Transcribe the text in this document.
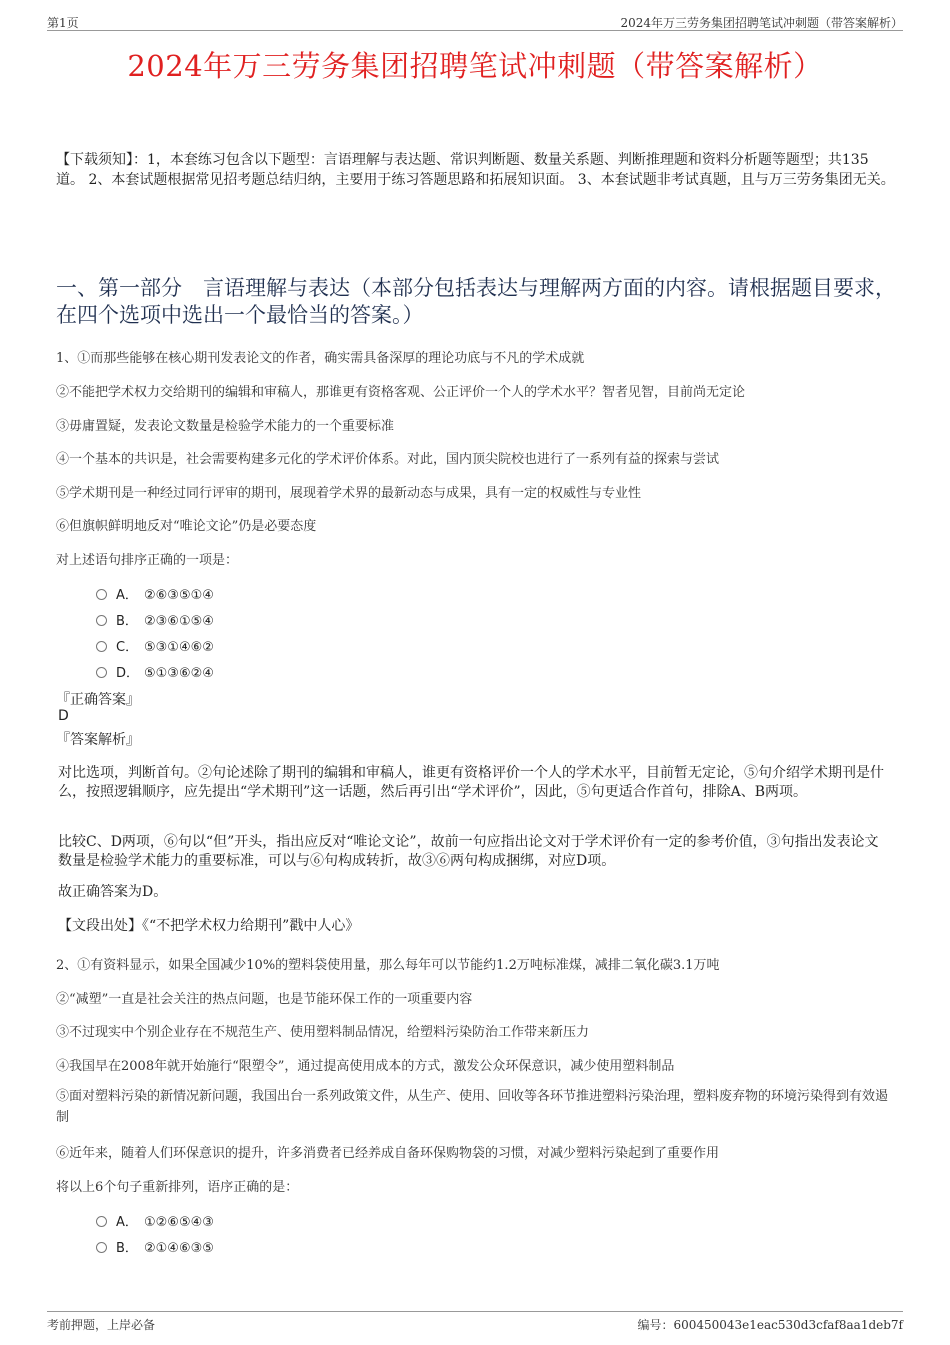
第1页	2024年万三劳务集团招聘笔试冲刺题（带答案解析）
2024年万三劳务集团招聘笔试冲刺题（带答案解析）
【下载须知】：1，本套练习包含以下题型：言语理解与表达题、常识判断题、数量关系题、判断推理题和资料分析题等题型；共135道。 2、本套试题根据常见招考题总结归纳，主要用于练习答题思路和拓展知识面。 3、本套试题非考试真题，且与万三劳务集团无关。
一、第一部分　言语理解与表达（本部分包括表达与理解两方面的内容。请根据题目要求，在四个选项中选出一个最恰当的答案。）
1、①而那些能够在核心期刊发表论文的作者，确实需具备深厚的理论功底与不凡的学术成就
②不能把学术权力交给期刊的编辑和审稿人，那谁更有资格客观、公正评价一个人的学术水平？智者见智，目前尚无定论
③毋庸置疑，发表论文数量是检验学术能力的一个重要标准
④一个基本的共识是，社会需要构建多元化的学术评价体系。对此，国内顶尖院校也进行了一系列有益的探索与尝试
⑤学术期刊是一种经过同行评审的期刊，展现着学术界的最新动态与成果，具有一定的权威性与专业性
⑥但旗帜鲜明地反对“唯论文论”仍是必要态度
对上述语句排序正确的一项是：
A． ②⑥③⑤①④
B． ②③⑥①⑤④
C． ⑤③①④⑥②
D． ⑤①③⑥②④
『正确答案』
D
『答案解析』
对比选项，判断首句。②句论述除了期刊的编辑和审稿人，谁更有资格评价一个人的学术水平，目前暂无定论，⑤句介绍学术期刊是什么，按照逻辑顺序，应先提出“学术期刊”这一话题，然后再引出“学术评价”，因此，⑤句更适合作首句，排除A、B两项。
比较C、D两项，⑥句以“但”开头，指出应反对“唯论文论”，故前一句应指出论文对于学术评价有一定的参考价值，③句指出发表论文数量是检验学术能力的重要标准，可以与⑥句构成转折，故③⑥两句构成捆绑，对应D项。
故正确答案为D。
【文段出处】《“不把学术权力给期刊”戳中人心》
2、①有资料显示，如果全国减少10%的塑料袋使用量，那么每年可以节能约1.2万吨标准煤，减排二氧化碳3.1万吨
②“减塑”一直是社会关注的热点问题，也是节能环保工作的一项重要内容
③不过现实中个别企业存在不规范生产、使用塑料制品情况，给塑料污染防治工作带来新压力
④我国早在2008年就开始施行“限塑令”，通过提高使用成本的方式，激发公众环保意识，减少使用塑料制品
⑤面对塑料污染的新情况新问题，我国出台一系列政策文件，从生产、使用、回收等各环节推进塑料污染治理，塑料废弃物的环境污染得到有效遏制
⑥近年来，随着人们环保意识的提升，许多消费者已经养成自备环保购物袋的习惯，对减少塑料污染起到了重要作用
将以上6个句子重新排列，语序正确的是：
A． ①②⑥⑤④③
B． ②①④⑥③⑤
考前押题，上岸必备	编号：600450043e1eac530d3cfaf8aa1deb7f
